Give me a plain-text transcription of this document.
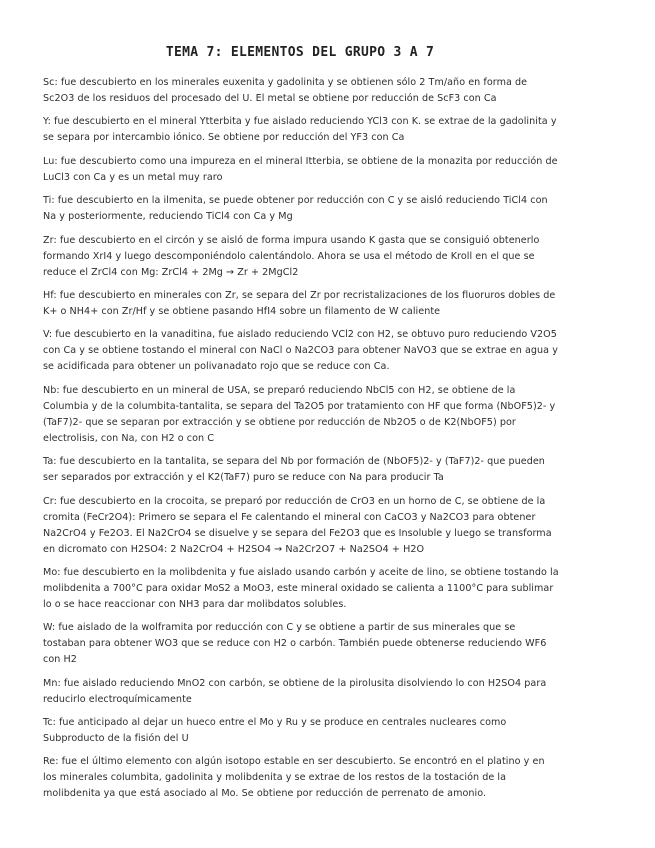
TEMA 7: ELEMENTOS DEL GRUPO 3 A 7

Sc: fue descubierto en los minerales euxenita y gadolinita y se obtienen sólo 2 Tm/año en forma de Sc2O3 de los residuos del procesado del U. El metal se obtiene por reducción de ScF3 con Ca

Y: fue descubierto en el mineral Ytterbita y fue aislado reduciendo YCl3 con K. se extrae de la gadolinita y se separa por intercambio iónico. Se obtiene por reducción del YF3 con Ca

Lu: fue descubierto como una impureza en el mineral Itterbia, se obtiene de la monazita por reducción de LuCl3 con Ca y es un metal muy raro

Ti: fue descubierto en la ilmenita, se puede obtener por reducción con C y se aisló reduciendo TiCl4 con Na y posteriormente, reduciendo TiCl4 con Ca y Mg

Zr: fue descubierto en el circón y se aisló de forma impura usando K gasta que se consiguió obtenerlo formando XrI4 y luego descomponiéndolo calentándolo. Ahora se usa el método de Kroll en el que se reduce el ZrCl4 con Mg: ZrCl4 + 2Mg → Zr + 2MgCl2

Hf: fue descubierto en minerales con Zr, se separa del Zr por recristalizaciones de los fluoruros dobles de K+ o NH4+ con Zr/Hf y se obtiene pasando HfI4 sobre un filamento de W caliente

V: fue descubierto en la vanaditina, fue aislado reduciendo VCl2 con H2, se obtuvo puro reduciendo V2O5 con Ca y se obtiene tostando el mineral con NaCl o Na2CO3 para obtener NaVO3 que se extrae en agua y se acidificada para obtener un polivanadato rojo que se reduce con Ca.

Nb: fue descubierto en un mineral de USA, se preparó reduciendo NbCl5 con H2, se obtiene de la Columbia y de la columbita-tantalita, se separa del Ta2O5 por tratamiento con HF que forma (NbOF5)2- y (TaF7)2- que se separan por extracción y se obtiene por reducción de Nb2O5 o de K2(NbOF5) por electrolisis, con Na, con H2 o con C

Ta: fue descubierto en la tantalita, se separa del Nb por formación de (NbOF5)2- y (TaF7)2- que pueden ser separados por extracción y el K2(TaF7) puro se reduce con Na para producir Ta

Cr: fue descubierto en la crocoita, se preparó por reducción de CrO3 en un horno de C, se obtiene de la cromita (FeCr2O4): Primero se separa el Fe calentando el mineral con CaCO3 y Na2CO3 para obtener Na2CrO4 y Fe2O3. El Na2CrO4 se disuelve y se separa del Fe2O3 que es Insoluble y luego se transforma en dicromato con H2SO4: 2 Na2CrO4 + H2SO4 → Na2Cr2O7 + Na2SO4 + H2O

Mo: fue descubierto en la molibdenita y fue aislado usando carbón y aceite de lino, se obtiene tostando la molibdenita a 700°C para oxidar MoS2 a MoO3, este mineral oxidado se calienta a 1100°C para sublimar lo o se hace reaccionar con NH3 para dar molibdatos solubles.

W: fue aislado de la wolframita por reducción con C y se obtiene a partir de sus minerales que se tostaban para obtener WO3 que se reduce con H2 o carbón. También puede obtenerse reduciendo WF6 con H2

Mn: fue aislado reduciendo MnO2 con carbón, se obtiene de la pirolusita disolviendo lo con H2SO4 para reducirlo electroquímicamente

Tc: fue anticipado al dejar un hueco entre el Mo y Ru y se produce en centrales nucleares como Subproducto de la fisión del U

Re: fue el último elemento con algún isotopo estable en ser descubierto. Se encontró en el platino y en los minerales columbita, gadolinita y molibdenita y se extrae de los restos de la tostación de la molibdenita ya que está asociado al Mo. Se obtiene por reducción de perrenato de amonio.
